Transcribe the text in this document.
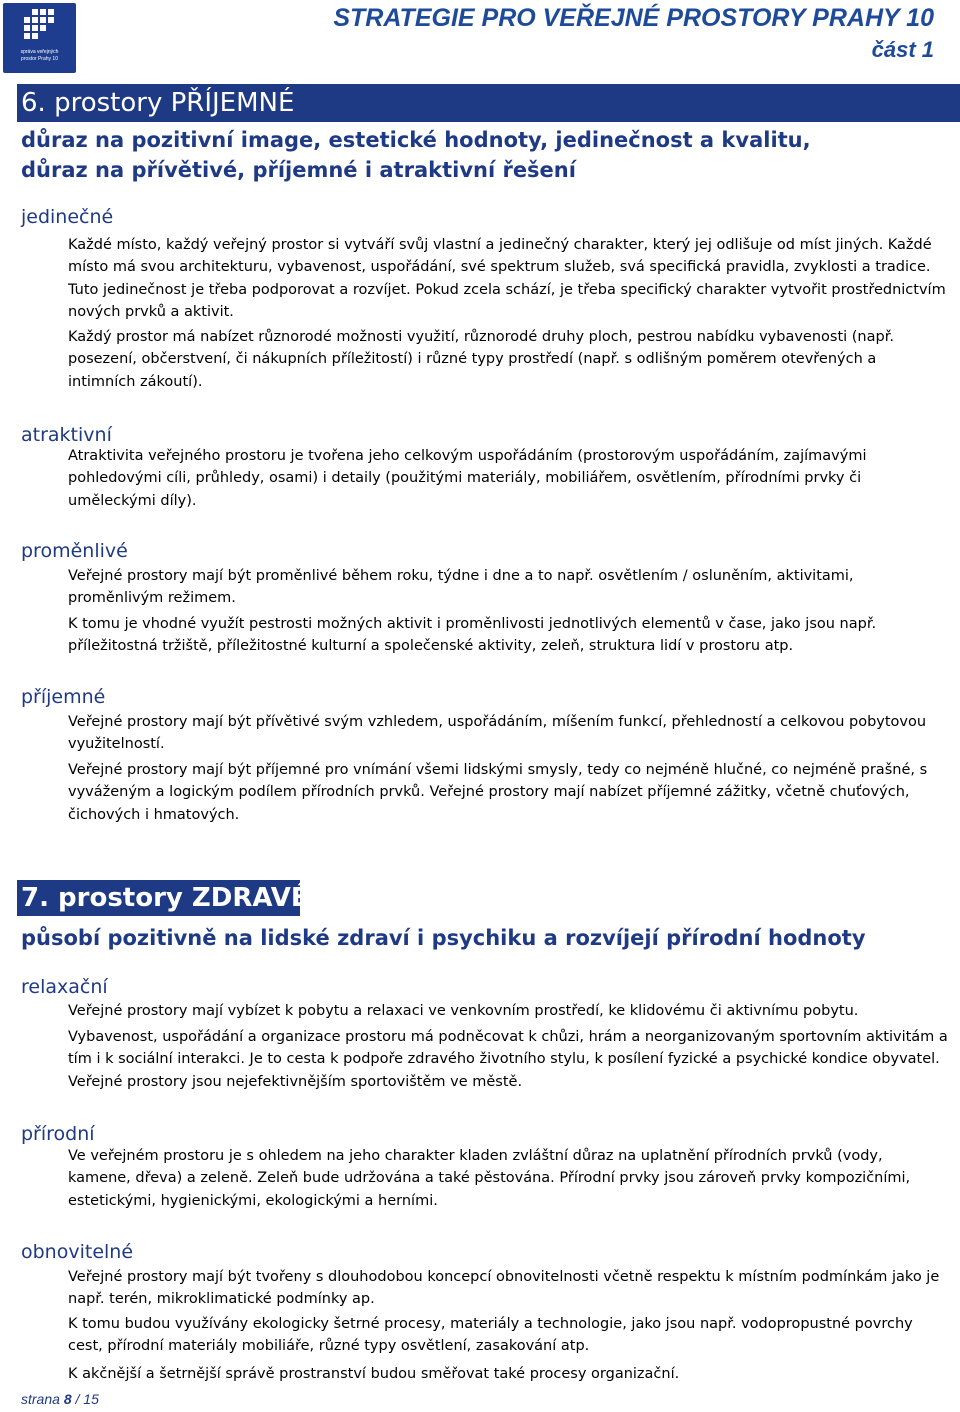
správa veřejných
prostor Prahy 10
STRATEGIE PRO VEŘEJNÉ PROSTORY PRAHY 10
část 1
6. prostory PŘÍJEMNÉ
důraz na pozitivní image, estetické hodnoty, jedinečnost a kvalitu,
důraz na přívětivé, příjemné i atraktivní řešení
jedinečné

Každé místo, každý veřejný prostor si vytváří svůj vlastní a jedinečný charakter, který jej odlišuje od míst jiných. Každé místo má svou architekturu, vybavenost, uspořádání, své spektrum služeb, svá specifická pravidla, zvyklosti a tradice. Tuto jedinečnost je třeba podporovat a rozvíjet. Pokud zcela schází, je třeba specifický charakter vytvořit prostřednictvím nových prvků a aktivit.

Každý prostor má nabízet různorodé možnosti využití, různorodé druhy ploch, pestrou nabídku vybavenosti (např. posezení, občerstvení, či nákupních příležitostí) i různé typy prostředí (např. s odlišným poměrem otevřených a intimních zákoutí).

atraktivní

Atraktivita veřejného prostoru je tvořena jeho celkovým uspořádáním (prostorovým uspořádáním, zajímavými pohledovými cíli, průhledy, osami) i detaily (použitými materiály, mobiliářem, osvětlením, přírodními prvky či uměleckými díly).

proměnlivé

Veřejné prostory mají být proměnlivé během roku, týdne i dne a to např. osvětlením / osluněním, aktivitami, proměnlivým režimem.

K tomu je vhodné využít pestrosti možných aktivit i proměnlivosti jednotlivých elementů v čase, jako jsou např. příležitostná tržiště, příležitostné kulturní a společenské aktivity, zeleň, struktura lidí v prostoru atp.

příjemné

Veřejné prostory mají být přívětivé svým vzhledem, uspořádáním, míšením funkcí, přehledností a celkovou pobytovou využitelností.

Veřejné prostory mají být příjemné pro vnímání všemi lidskými smysly, tedy co nejméně hlučné, co nejméně prašné, s vyváženým a logickým podílem přírodních prvků. Veřejné prostory mají nabízet příjemné zážitky, včetně chuťových, čichových i hmatových.

7. prostory ZDRAVÉ
působí pozitivně na lidské zdraví i psychiku a rozvíjejí přírodní hodnoty
relaxační

Veřejné prostory mají vybízet k pobytu a relaxaci ve venkovním prostředí, ke klidovému či aktivnímu pobytu.

Vybavenost, uspořádání a organizace prostoru má podněcovat k chůzi, hrám a neorganizovaným sportovním aktivitám a tím i k sociální interakci. Je to cesta k podpoře zdravého životního stylu, k posílení fyzické a psychické kondice obyvatel. Veřejné prostory jsou nejefektivnějším sportovištěm ve městě.

přírodní

Ve veřejném prostoru je s ohledem na jeho charakter kladen zvláštní důraz na uplatnění přírodních prvků (vody, kamene, dřeva) a zeleně. Zeleň bude udržována a také pěstována. Přírodní prvky jsou zároveň prvky kompozičními, estetickými, hygienickými, ekologickými a herními.

obnovitelné

Veřejné prostory mají být tvořeny s dlouhodobou koncepcí obnovitelnosti včetně respektu k místním podmínkám jako je např. terén, mikroklimatické podmínky ap.

K tomu budou využívány ekologicky šetrné procesy, materiály a technologie, jako jsou např. vodopropustné povrchy cest, přírodní materiály mobiliáře, různé typy osvětlení, zasakování atp.

K akčnější a šetrnější správě prostranství budou směřovat také procesy organizační.

strana 8 / 15
